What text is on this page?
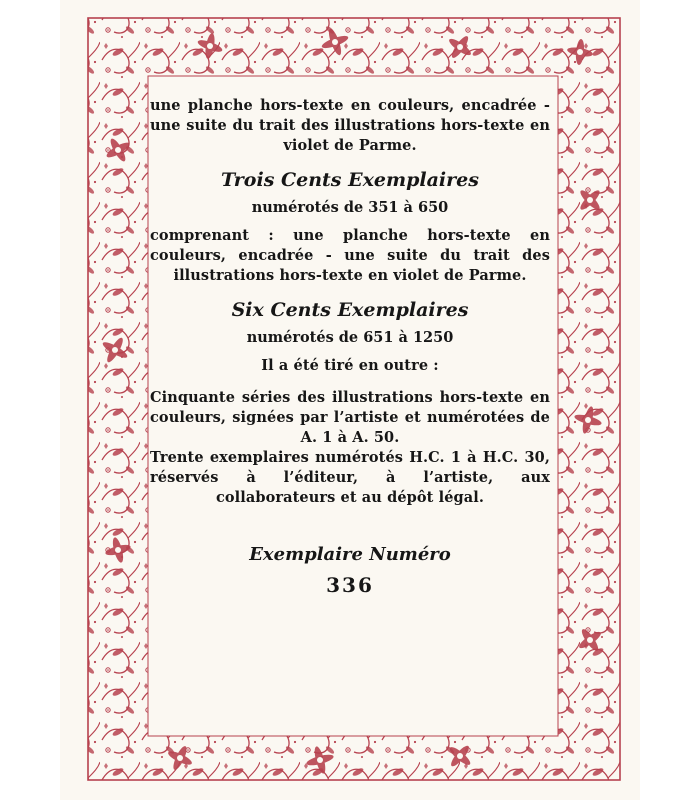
une planche hors-texte en couleurs, encadrée - une suite du trait des illustrations hors-texte en violet de Parme.

Trois Cents Exemplaires

numérotés de 351 à 650

comprenant : une planche hors-texte en couleurs, encadrée - une suite du trait des illustrations hors-texte en violet de Parme.

Six Cents Exemplaires

numérotés de 651 à 1250

Il a été tiré en outre :

Cinquante séries des illustrations hors-texte en couleurs, signées par l’artiste et numérotées de A. 1 à A. 50.

Trente exemplaires numérotés H.C. 1 à H.C. 30, réservés à l’éditeur, à l’artiste, aux collaborateurs et au dépôt légal.

Exemplaire Numéro

336
